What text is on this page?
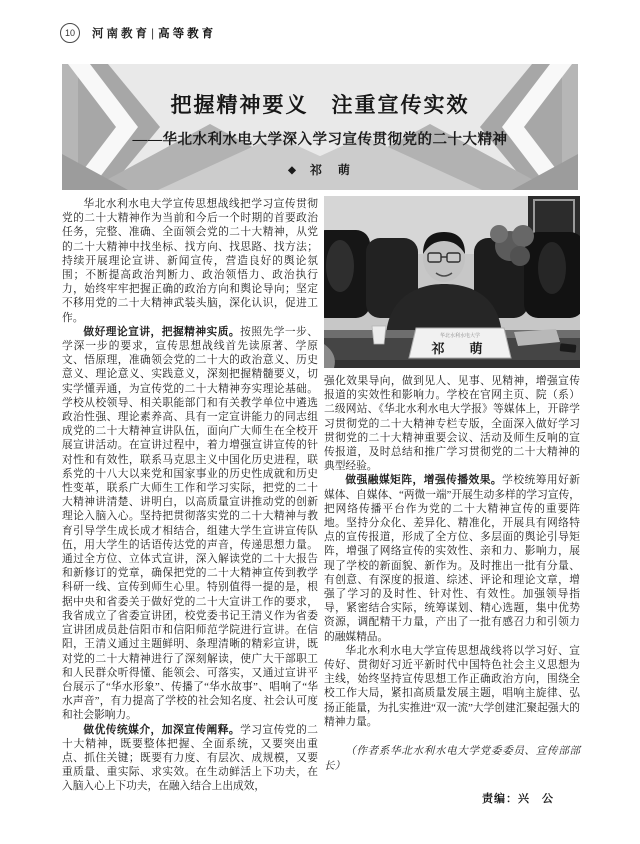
10	河南教育 | 高等教育
把握精神要义　注重宣传实效
——华北水利水电大学深入学习宣传贯彻党的二十大精神
◆ 祁　萌

华北水利水电大学宣传思想战线把学习宣传贯彻党的二十大精神作为当前和今后一个时期的首要政治任务，完整、准确、全面领会党的二十大精神，从党的二十大精神中找坐标、找方向、找思路、找方法；持续开展理论宣讲、新闻宣传，营造良好的舆论氛围；不断提高政治判断力、政治领悟力、政治执行力，始终牢牢把握正确的政治方向和舆论导向；坚定不移用党的二十大精神武装头脑，深化认识，促进工作。

做好理论宣讲，把握精神实质。按照先学一步、学深一步的要求，宣传思想战线首先读原著、学原文、悟原理，准确领会党的二十大的政治意义、历史意义、理论意义、实践意义，深刻把握精髓要义，切实学懂弄通，为宣传党的二十大精神夯实理论基础。学校从校领导、相关职能部门和有关教学单位中遴选政治性强、理论素养高、具有一定宣讲能力的同志组成党的二十大精神宣讲队伍，面向广大师生在全校开展宣讲活动。在宣讲过程中，着力增强宣讲宣传的针对性和有效性，联系马克思主义中国化历史进程，联系党的十八大以来党和国家事业的历史性成就和历史性变革，联系广大师生工作和学习实际，把党的二十大精神讲清楚、讲明白，以高质量宣讲推动党的创新理论入脑入心。坚持把贯彻落实党的二十大精神与教育引导学生成长成才相结合，组建大学生宣讲宣传队伍，用大学生的话语传达党的声音，传递思想力量。通过全方位、立体式宣讲，深入解读党的二十大报告和新修订的党章，确保把党的二十大精神宣传到教学科研一线、宣传到师生心里。特别值得一提的是，根据中央和省委关于做好党的二十大宣讲工作的要求，我省成立了省委宣讲团，校党委书记王清义作为省委宣讲团成员赴信阳市和信阳师范学院进行宣讲。在信阳，王清义通过主题鲜明、条理清晰的精彩宣讲，既对党的二十大精神进行了深刻解读，使广大干部职工和人民群众听得懂、能领会、可落实，又通过宣讲平台展示了“华水形象”、传播了“华水故事”、唱响了“华水声音”，有力提高了学校的社会知名度、社会认可度和社会影响力。

做优传统媒介，加深宣传阐释。学习宣传党的二十大精神，既要整体把握、全面系统，又要突出重点、抓住关键；既要有力度、有层次、成规模，又要重质量、重实际、求实效。在生动鲜活上下功夫，在入脑入心上下功夫，在融入结合上出成效，

华北水利水电大学
祁　萌

强化效果导向，做到见人、见事、见精神，增强宣传报道的实效性和影响力。学校在官网主页、院（系）二级网站、《华北水利水电大学报》等媒体上，开辟学习贯彻党的二十大精神专栏专版，全面深入做好学习贯彻党的二十大精神重要会议、活动及师生反响的宣传报道，及时总结和推广学习贯彻党的二十大精神的典型经验。

做强融媒矩阵，增强传播效果。学校统筹用好新媒体、自媒体、“两微一端”开展生动多样的学习宣传，把网络传播平台作为党的二十大精神宣传的重要阵地。坚持分众化、差异化、精准化，开展具有网络特点的宣传报道，形成了全方位、多层面的舆论引导矩阵，增强了网络宣传的实效性、亲和力、影响力，展现了学校的新面貌、新作为。及时推出一批有分量、有创意、有深度的报道、综述、评论和理论文章，增强了学习的及时性、针对性、有效性。加强领导指导，紧密结合实际，统筹谋划、精心选题，集中优势资源，调配精干力量，产出了一批有感召力和引领力的融媒精品。

华北水利水电大学宣传思想战线将以学习好、宣传好、贯彻好习近平新时代中国特色社会主义思想为主线，始终坚持宣传思想工作正确政治方向，围绕全校工作大局，紧扣高质量发展主题，唱响主旋律、弘扬正能量，为扎实推进“双一流”大学创建汇聚起强大的精神力量。

（作者系华北水利水电大学党委委员、宣传部部长）

责编：兴　公
